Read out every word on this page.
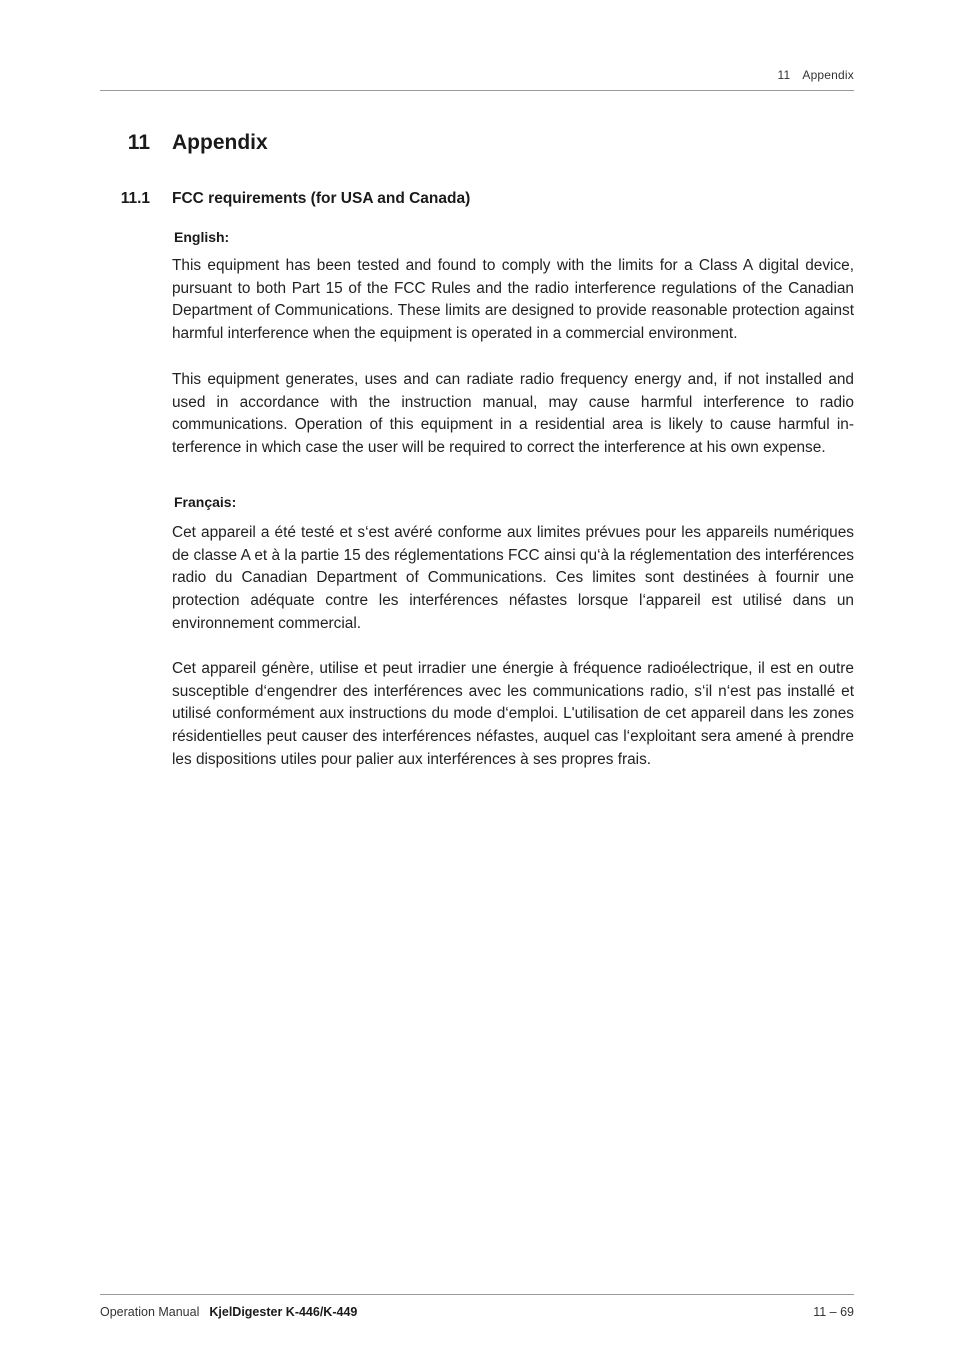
11 Appendix
11 Appendix
11.1 FCC requirements (for USA and Canada)
English:

This equipment has been tested and found to comply with the limits for a Class A digital device, pursuant to both Part 15 of the FCC Rules and the radio interference regulations of the Canadian Department of Communications. These limits are designed to provide reasonable protection against harmful interference when the equipment is operated in a commercial environment.

This equipment generates, uses and can radiate radio frequency energy and, if not installed and used in accordance with the instruction manual, may cause harmful interference to radio communications. Operation of this equipment in a residential area is likely to cause harmful interference in which case the user will be required to correct the interference at his own expense.

Français:

Cet appareil a été testé et s‘est avéré conforme aux limites prévues pour les appareils numériques de classe A et à la partie 15 des réglementations FCC ainsi qu‘à la réglementation des interférences radio du Canadian Department of Communications. Ces limites sont destinées à fournir une protection adéquate contre les interférences néfastes lorsque l‘appareil est utilisé dans un environnement commercial.

Cet appareil génère, utilise et peut irradier une énergie à fréquence radioélectrique, il est en outre susceptible d‘engendrer des interférences avec les communications radio, s‘il n‘est pas installé et utilisé conformément aux instructions du mode d‘emploi. L'utilisation de cet appareil dans les zones résidentielles peut causer des interférences néfastes, auquel cas l‘exploitant sera amené à prendre les dispositions utiles pour palier aux interférences à ses propres frais.

Operation Manual KjelDigester K-446/K-449	11 – 69
